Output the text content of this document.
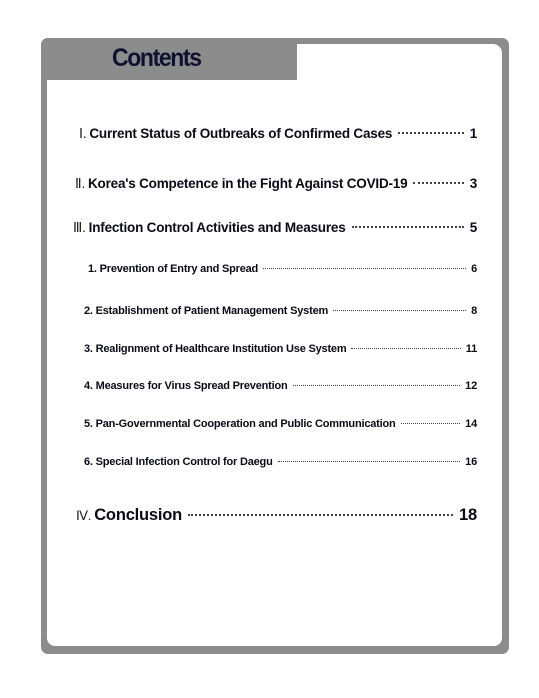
Contents
Ⅰ. Current Status of Outbreaks of Confirmed Cases	1
Ⅱ. Korea's Competence in the Fight Against COVID-19	3
Ⅲ. Infection Control Activities and Measures	5
1. Prevention of Entry and Spread	6
2. Establishment of Patient Management System	8
3. Realignment of Healthcare Institution Use System	11
4. Measures for Virus Spread Prevention	12
5. Pan-Governmental Cooperation and Public Communication	14
6. Special Infection Control for Daegu	16
Ⅳ. Conclusion	18
